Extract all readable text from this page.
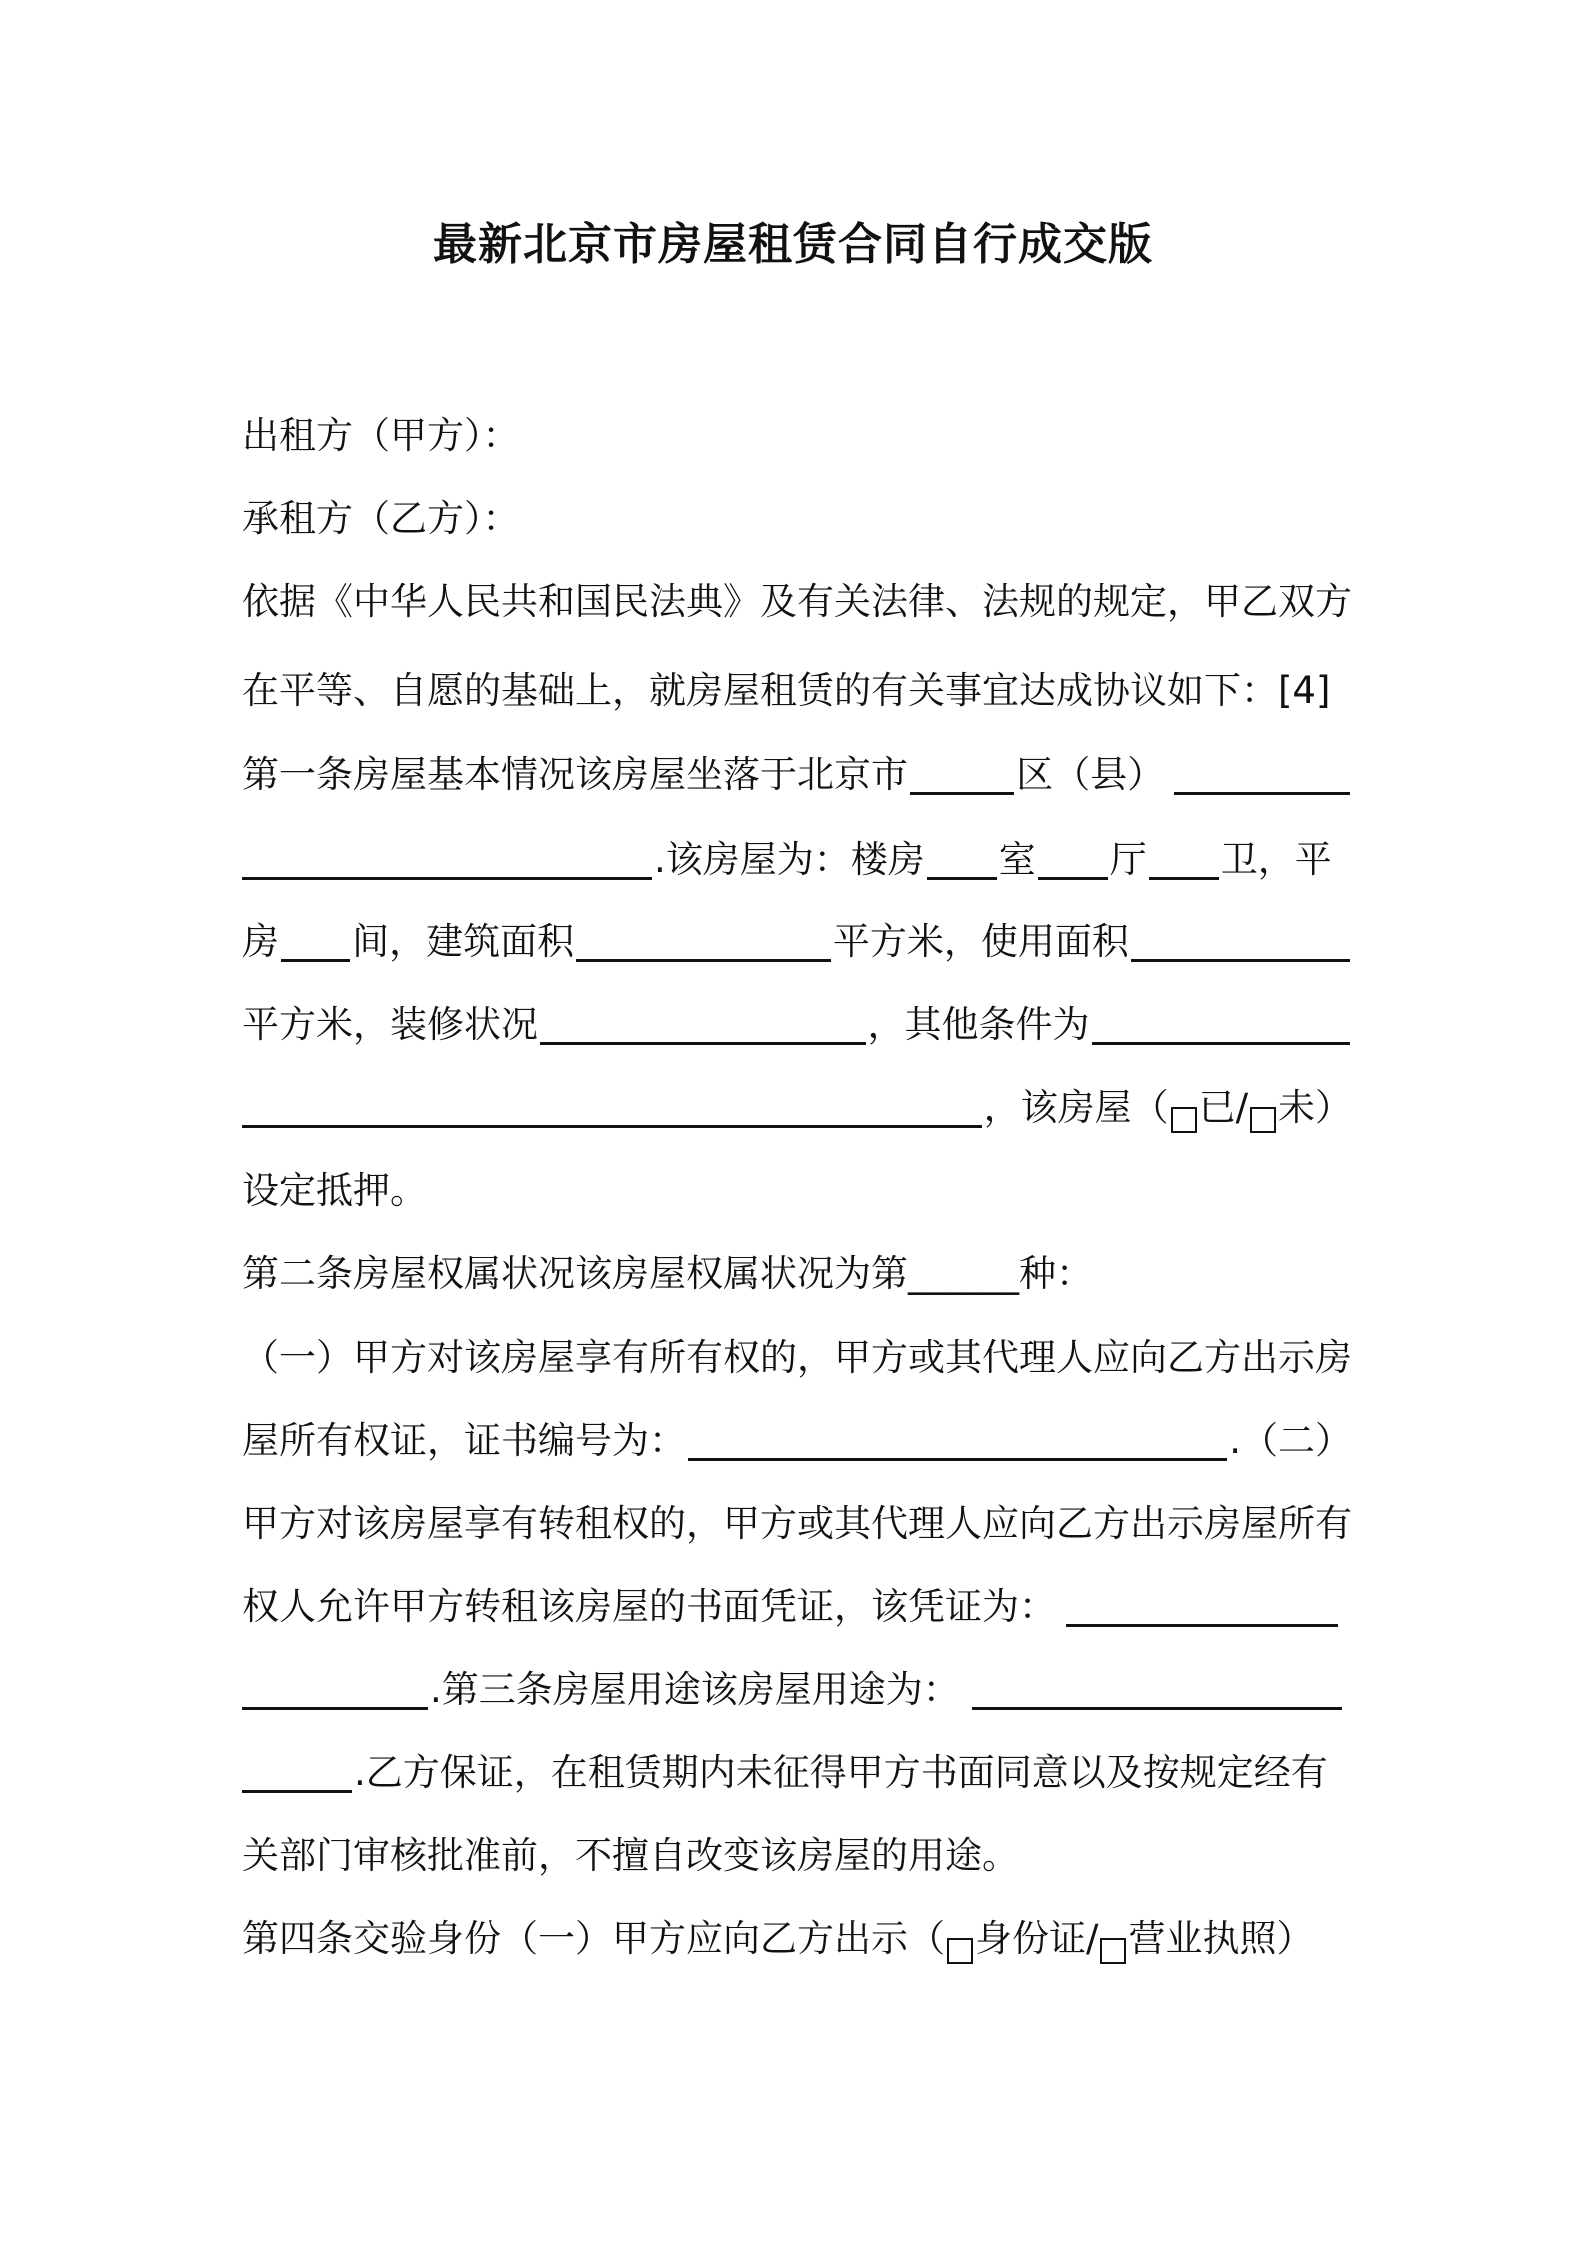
最新北京市房屋租赁合同自行成交版
出租方（甲方）：
承租方（乙方）：
依据《中华人民共和国民法典》及有关法律、法规的规定，甲乙双方
在平等、自愿的基础上，就房屋租赁的有关事宜达成协议如下：[4]
第一条房屋基本情况该房屋坐落于北京市	区（县）
.该房屋为：楼房 室 厅 卫，平
房 间，建筑面积	平方米，使用面积
平方米，装修状况	，其他条件为
，该房屋（ 已/ 未）
设定抵押。
第二条房屋权属状况该房屋权属状况为第 ______ 种：
（一）甲方对该房屋享有所有权的，甲方或其代理人应向乙方出示房
屋所有权证，证书编号为：	.（二）
甲方对该房屋享有转租权的，甲方或其代理人应向乙方出示房屋所有
权人允许甲方转租该房屋的书面凭证，该凭证为：
.第三条房屋用途该房屋用途为：
.乙方保证，在租赁期内未征得甲方书面同意以及按规定经有
关部门审核批准前，不擅自改变该房屋的用途。
第四条交验身份（一）甲方应向乙方出示（ 身份证/ 营业执照）
